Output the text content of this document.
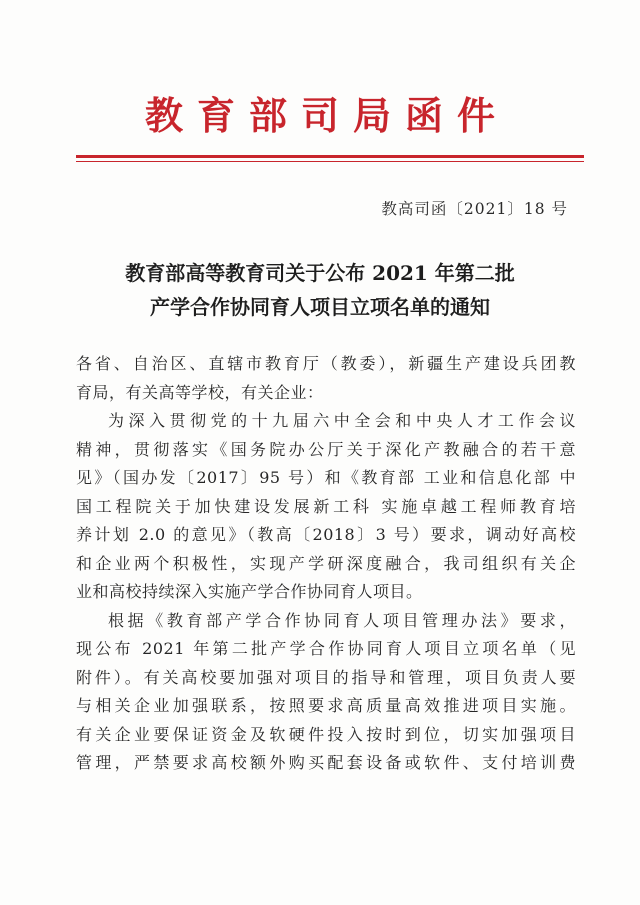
教育部司局函件
教高司函〔2021〕18 号
教育部高等教育司关于公布 2021 年第二批
产学合作协同育人项目立项名单的通知
各省、自治区、直辖市教育厅（教委），新疆生产建设兵团教
育局，有关高等学校，有关企业：
为深入贯彻党的十九届六中全会和中央人才工作会议
精神，贯彻落实《国务院办公厅关于深化产教融合的若干意
见》（国办发〔2017〕95 号）和《教育部 工业和信息化部 中
国工程院关于加快建设发展新工科 实施卓越工程师教育培
养计划 2.0 的意见》（教高〔2018〕3 号）要求，调动好高校
和企业两个积极性，实现产学研深度融合，我司组织有关企
业和高校持续深入实施产学合作协同育人项目。
根据《教育部产学合作协同育人项目管理办法》要求，
现公布 2021 年第二批产学合作协同育人项目立项名单（见
附件）。有关高校要加强对项目的指导和管理，项目负责人要
与相关企业加强联系，按照要求高质量高效推进项目实施。
有关企业要保证资金及软硬件投入按时到位，切实加强项目
管理，严禁要求高校额外购买配套设备或软件、支付培训费
